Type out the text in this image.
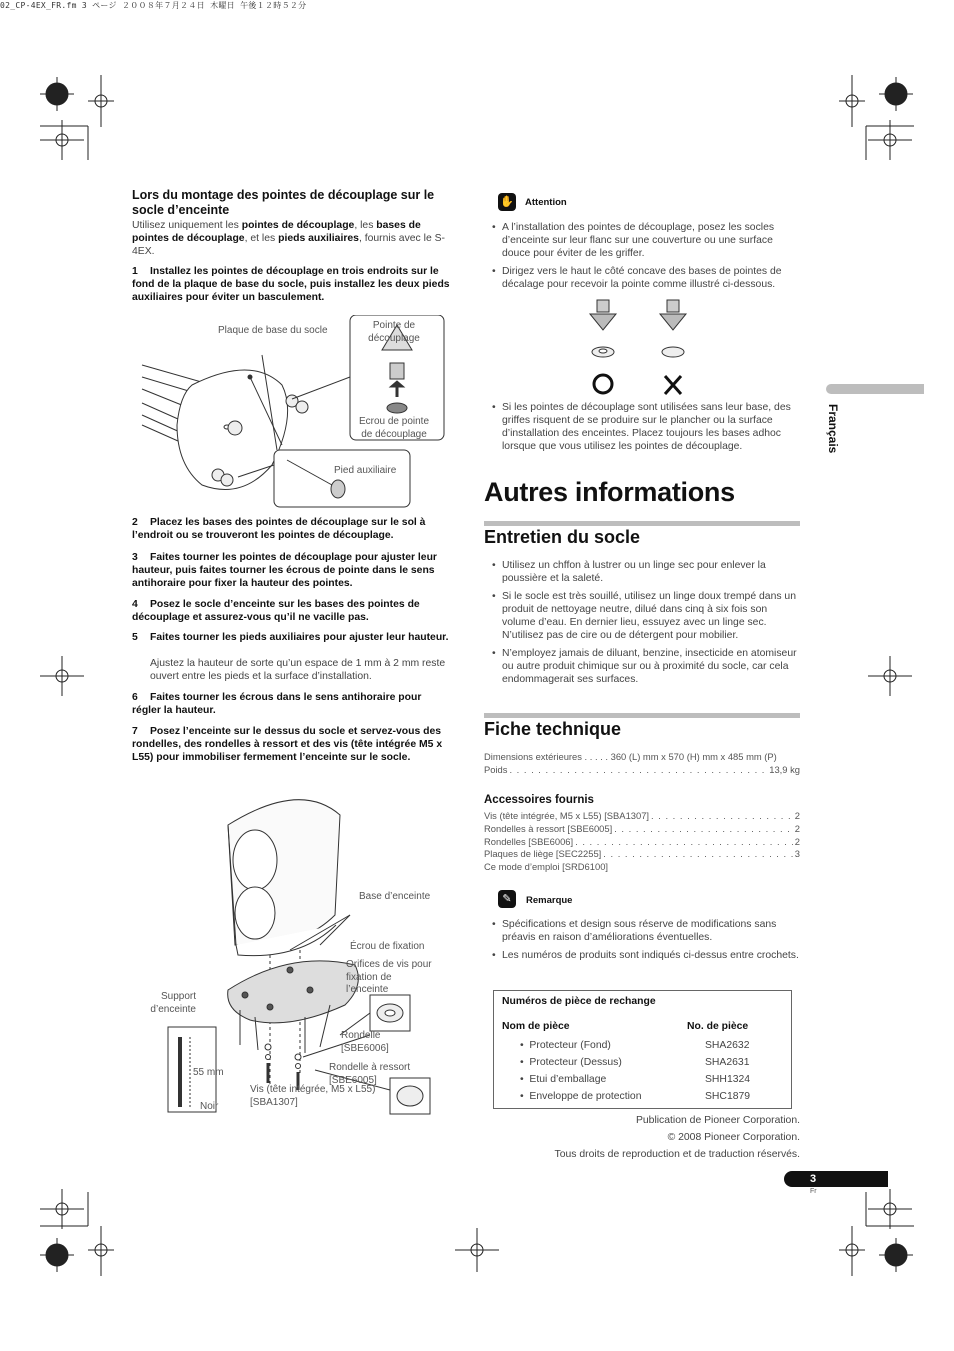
02_CP-4EX_FR.fm 3 ページ ２００８年７月２４日 木曜日 午後１２時５２分
Lors du montage des pointes de découplage sur le socle d’enceinte
Utilisez uniquement les pointes de découplage, les bases de pointes de découplage, et les pieds auxiliaires, fournis avec le S-4EX.
1 Installez les pointes de découplage en trois endroits sur le fond de la plaque de base du socle, puis installez les deux pieds auxiliaires pour éviter un basculement.
Plaque de base du socle	Pointe de découplage
Ecrou de pointe de découplage
Pied auxiliaire
2 Placez les bases des pointes de découplage sur le sol à l’endroit ou se trouveront les pointes de découplage.
3 Faites tourner les pointes de découplage pour ajuster leur hauteur, puis faites tourner les écrous de pointe dans le sens antihoraire pour fixer la hauteur des pointes.
4 Posez le socle d’enceinte sur les bases des pointes de découplage et assurez-vous qu’il ne vacille pas.
5 Faites tourner les pieds auxiliaires pour ajuster leur hauteur.
Ajustez la hauteur de sorte qu’un espace de 1 mm à 2 mm reste ouvert entre les pieds et la surface d’installation.
6 Faites tourner les écrous dans le sens antihoraire pour régler la hauteur.
7 Posez l’enceinte sur le dessus du socle et servez-vous des rondelles, des rondelles à ressort et des vis (tête intégrée M5 x L55) pour immobiliser fermement l’enceinte sur le socle.
Base d’enceinte
Écrou de fixation
Orifices de vis pour fixation de l’enceinte
Support d’enceinte
Rondelle [SBE6006]
Rondelle à ressort [SBE6005]
Vis (tête intégrée, M5 x L55) [SBA1307]
55 mm
Noir
✋ Attention
• A l’installation des pointes de découplage, posez les socles d’enceinte sur leur flanc sur une couverture ou une surface douce pour éviter de les griffer.
• Dirigez vers le haut le côté concave des bases de pointes de décalage pour recevoir la pointe comme illustré ci-dessous.
• Si les pointes de découplage sont utilisées sans leur base, des griffes risquent de se produire sur le plancher ou la surface d’installation des enceintes. Placez toujours les bases adhoc lorsque que vous utilisez les pointes de découplage.
Autres informations
Entretien du socle
• Utilisez un chffon à lustrer ou un linge sec pour enlever la poussière et la saleté.
• Si le socle est très souillé, utilisez un linge doux trempé dans un produit de nettoyage neutre, dilué dans cinq à six fois son volume d’eau. En dernier lieu, essuyez avec un linge sec. N’utilisez pas de cire ou de détergent pour mobilier.
• N’employez jamais de diluant, benzine, insecticide en atomiseur ou autre produit chimique sur ou à proximité du socle, car cela endommagerait ses surfaces.
Fiche technique
Dimensions extérieures . . . . .
360 (L) mm x 570 (H) mm x 485 mm (P)
Poids . . .	13,9 kg
Accessoires fournis
Vis (tête intégrée, M5 x L55) [SBA1307] . . .	2
Rondelles à ressort [SBE6005] . . .	2
Rondelles [SBE6006] . . .	2
Plaques de liège [SEC2255] . . .	3
Ce mode d’emploi [SRD6100]
✎	Remarque
• Spécifications et design sous réserve de modifications sans préavis en raison d’améliorations éventuelles.
• Les numéros de produits sont indiqués ci-dessus entre crochets.
Numéros de pièce de rechange
Nom de pièce	No. de pièce
•  Protecteur (Fond)	SHA2632
•  Protecteur (Dessus)	SHA2631
•  Etui d’emballage	SHH1324
•  Enveloppe de protection	SHC1879
Publication de Pioneer Corporation.
© 2008 Pioneer Corporation.
Tous droits de reproduction et de traduction réservés.
Français
3
Fr
